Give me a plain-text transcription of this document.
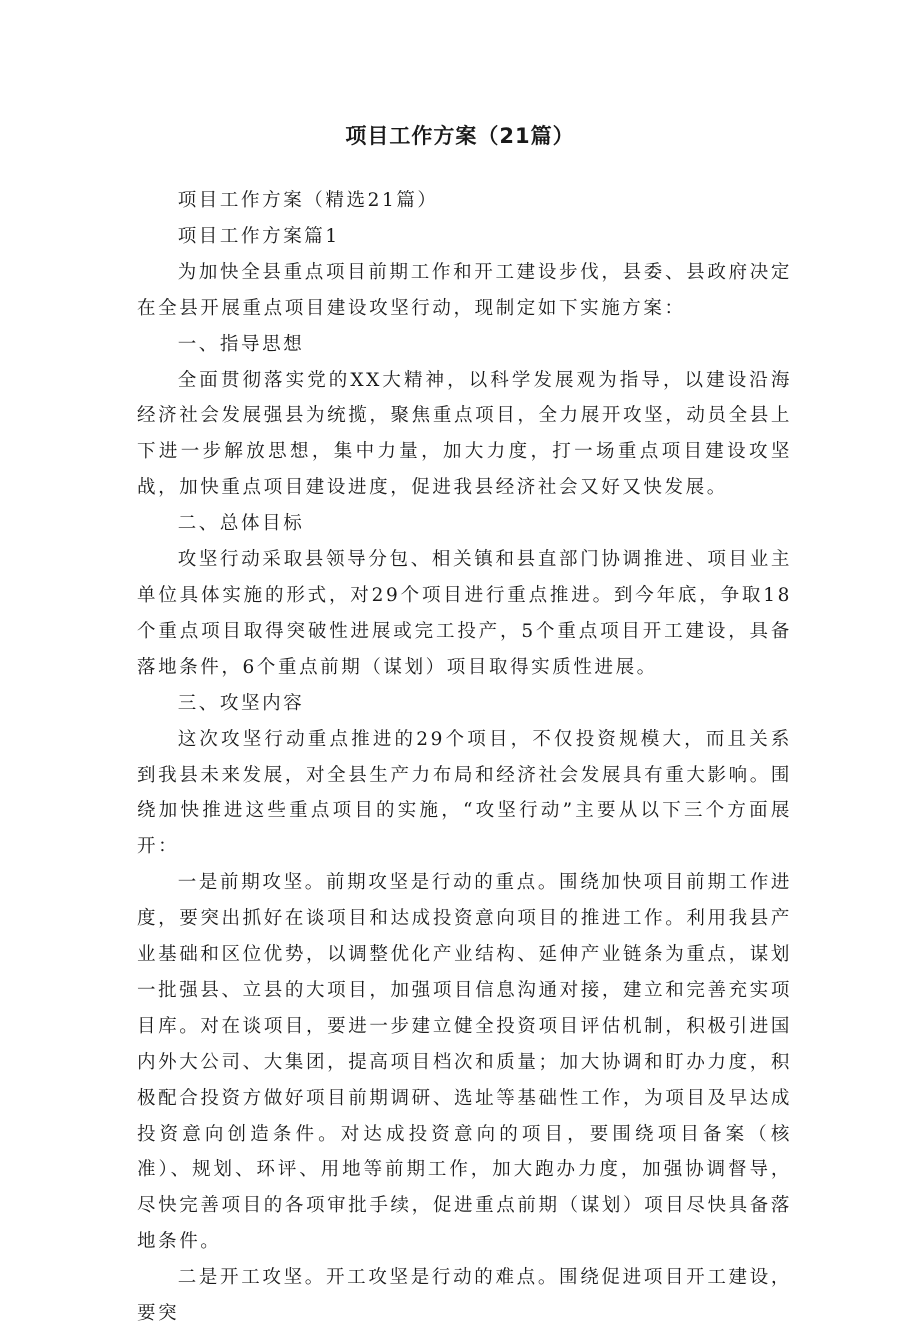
项目工作方案（21篇）

项目工作方案（精选21篇）

项目工作方案篇1

为加快全县重点项目前期工作和开工建设步伐，县委、县政府决定在全县开展重点项目建设攻坚行动，现制定如下实施方案：

一、指导思想

全面贯彻落实党的XX大精神，以科学发展观为指导，以建设沿海经济社会发展强县为统揽，聚焦重点项目，全力展开攻坚，动员全县上下进一步解放思想，集中力量，加大力度，打一场重点项目建设攻坚战，加快重点项目建设进度，促进我县经济社会又好又快发展。

二、总体目标

攻坚行动采取县领导分包、相关镇和县直部门协调推进、项目业主单位具体实施的形式，对29个项目进行重点推进。到今年底，争取18个重点项目取得突破性进展或完工投产，5个重点项目开工建设，具备落地条件，6个重点前期（谋划）项目取得实质性进展。

三、攻坚内容

这次攻坚行动重点推进的29个项目，不仅投资规模大，而且关系到我县未来发展，对全县生产力布局和经济社会发展具有重大影响。围绕加快推进这些重点项目的实施，“攻坚行动”主要从以下三个方面展开：

一是前期攻坚。前期攻坚是行动的重点。围绕加快项目前期工作进度，要突出抓好在谈项目和达成投资意向项目的推进工作。利用我县产业基础和区位优势，以调整优化产业结构、延伸产业链条为重点，谋划一批强县、立县的大项目，加强项目信息沟通对接，建立和完善充实项目库。对在谈项目，要进一步建立健全投资项目评估机制，积极引进国内外大公司、大集团，提高项目档次和质量；加大协调和盯办力度，积极配合投资方做好项目前期调研、选址等基础性工作，为项目及早达成投资意向创造条件。对达成投资意向的项目，要围绕项目备案（核准）、规划、环评、用地等前期工作，加大跑办力度，加强协调督导，尽快完善项目的各项审批手续，促进重点前期（谋划）项目尽快具备落地条件。

二是开工攻坚。开工攻坚是行动的难点。围绕促进项目开工建设，要突
